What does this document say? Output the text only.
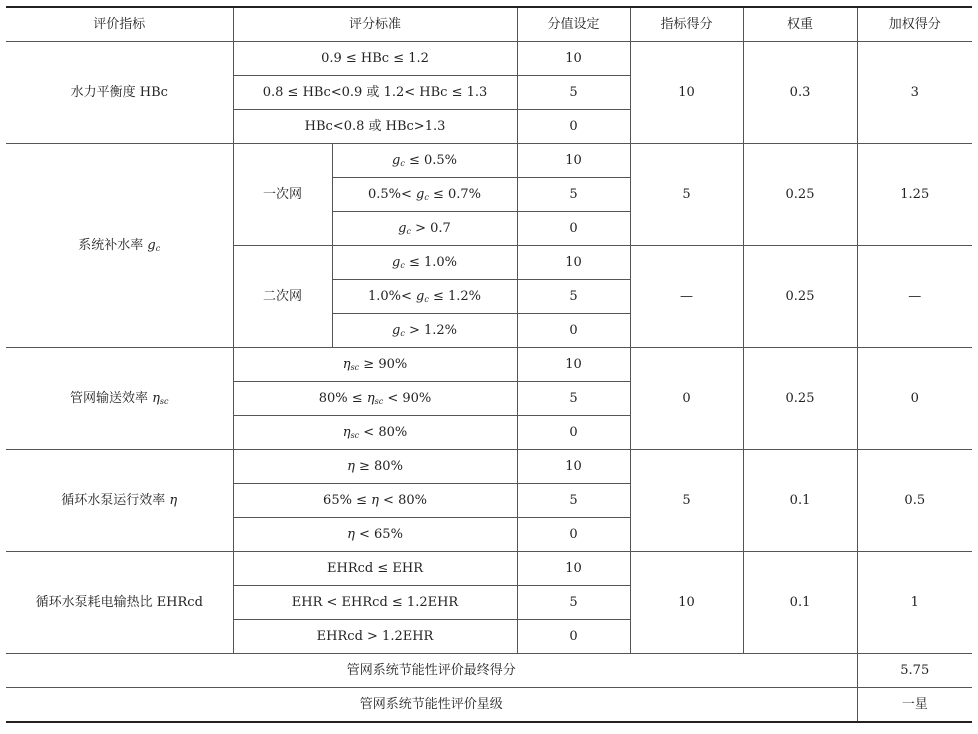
评价指标	评分标准		分值设定	指标得分	权重	加权得分
水力平衡度 HBc	0.9 ≤ HBc ≤ 1.2		10	10	0.3	3
	0.8 ≤ HBc<0.9 或 1.2< HBc ≤ 1.3		5			
	HBc<0.8 或 HBc>1.3		0			
系统补水率 $g_c$	一次网	$g_c \le 0.5\%$	10	5	0.25	1.25
		$0.5\%< g_c \le 0.7\%$	5			
		$g_c > 0.7$	0			
	二次网	$g_c \le 1.0\%$	10	—	0.25	—
		$1.0\%< g_c \le 1.2\%$	5			
		$g_c > 1.2\%$	0			
管网输送效率 $\eta_{sc}$	$\eta_{sc} \ge 90\%$		10	0	0.25	0
	$80\% \le \eta_{sc} < 90\%$		5			
	$\eta_{sc} < 80\%$		0			
循环水泵运行效率 η	η ≥ 80%		10	5	0.1	0.5
	65% ≤ η < 80%		5			
	η < 65%		0			
循环水泵耗电输热比 EHRcd	EHRcd ≤ EHR		10	10	0.1	1
	EHR < EHRcd ≤ 1.2EHR		5			
	EHRcd > 1.2EHR		0			
管网系统节能性评价最终得分						5.75
管网系统节能性评价星级						一星
